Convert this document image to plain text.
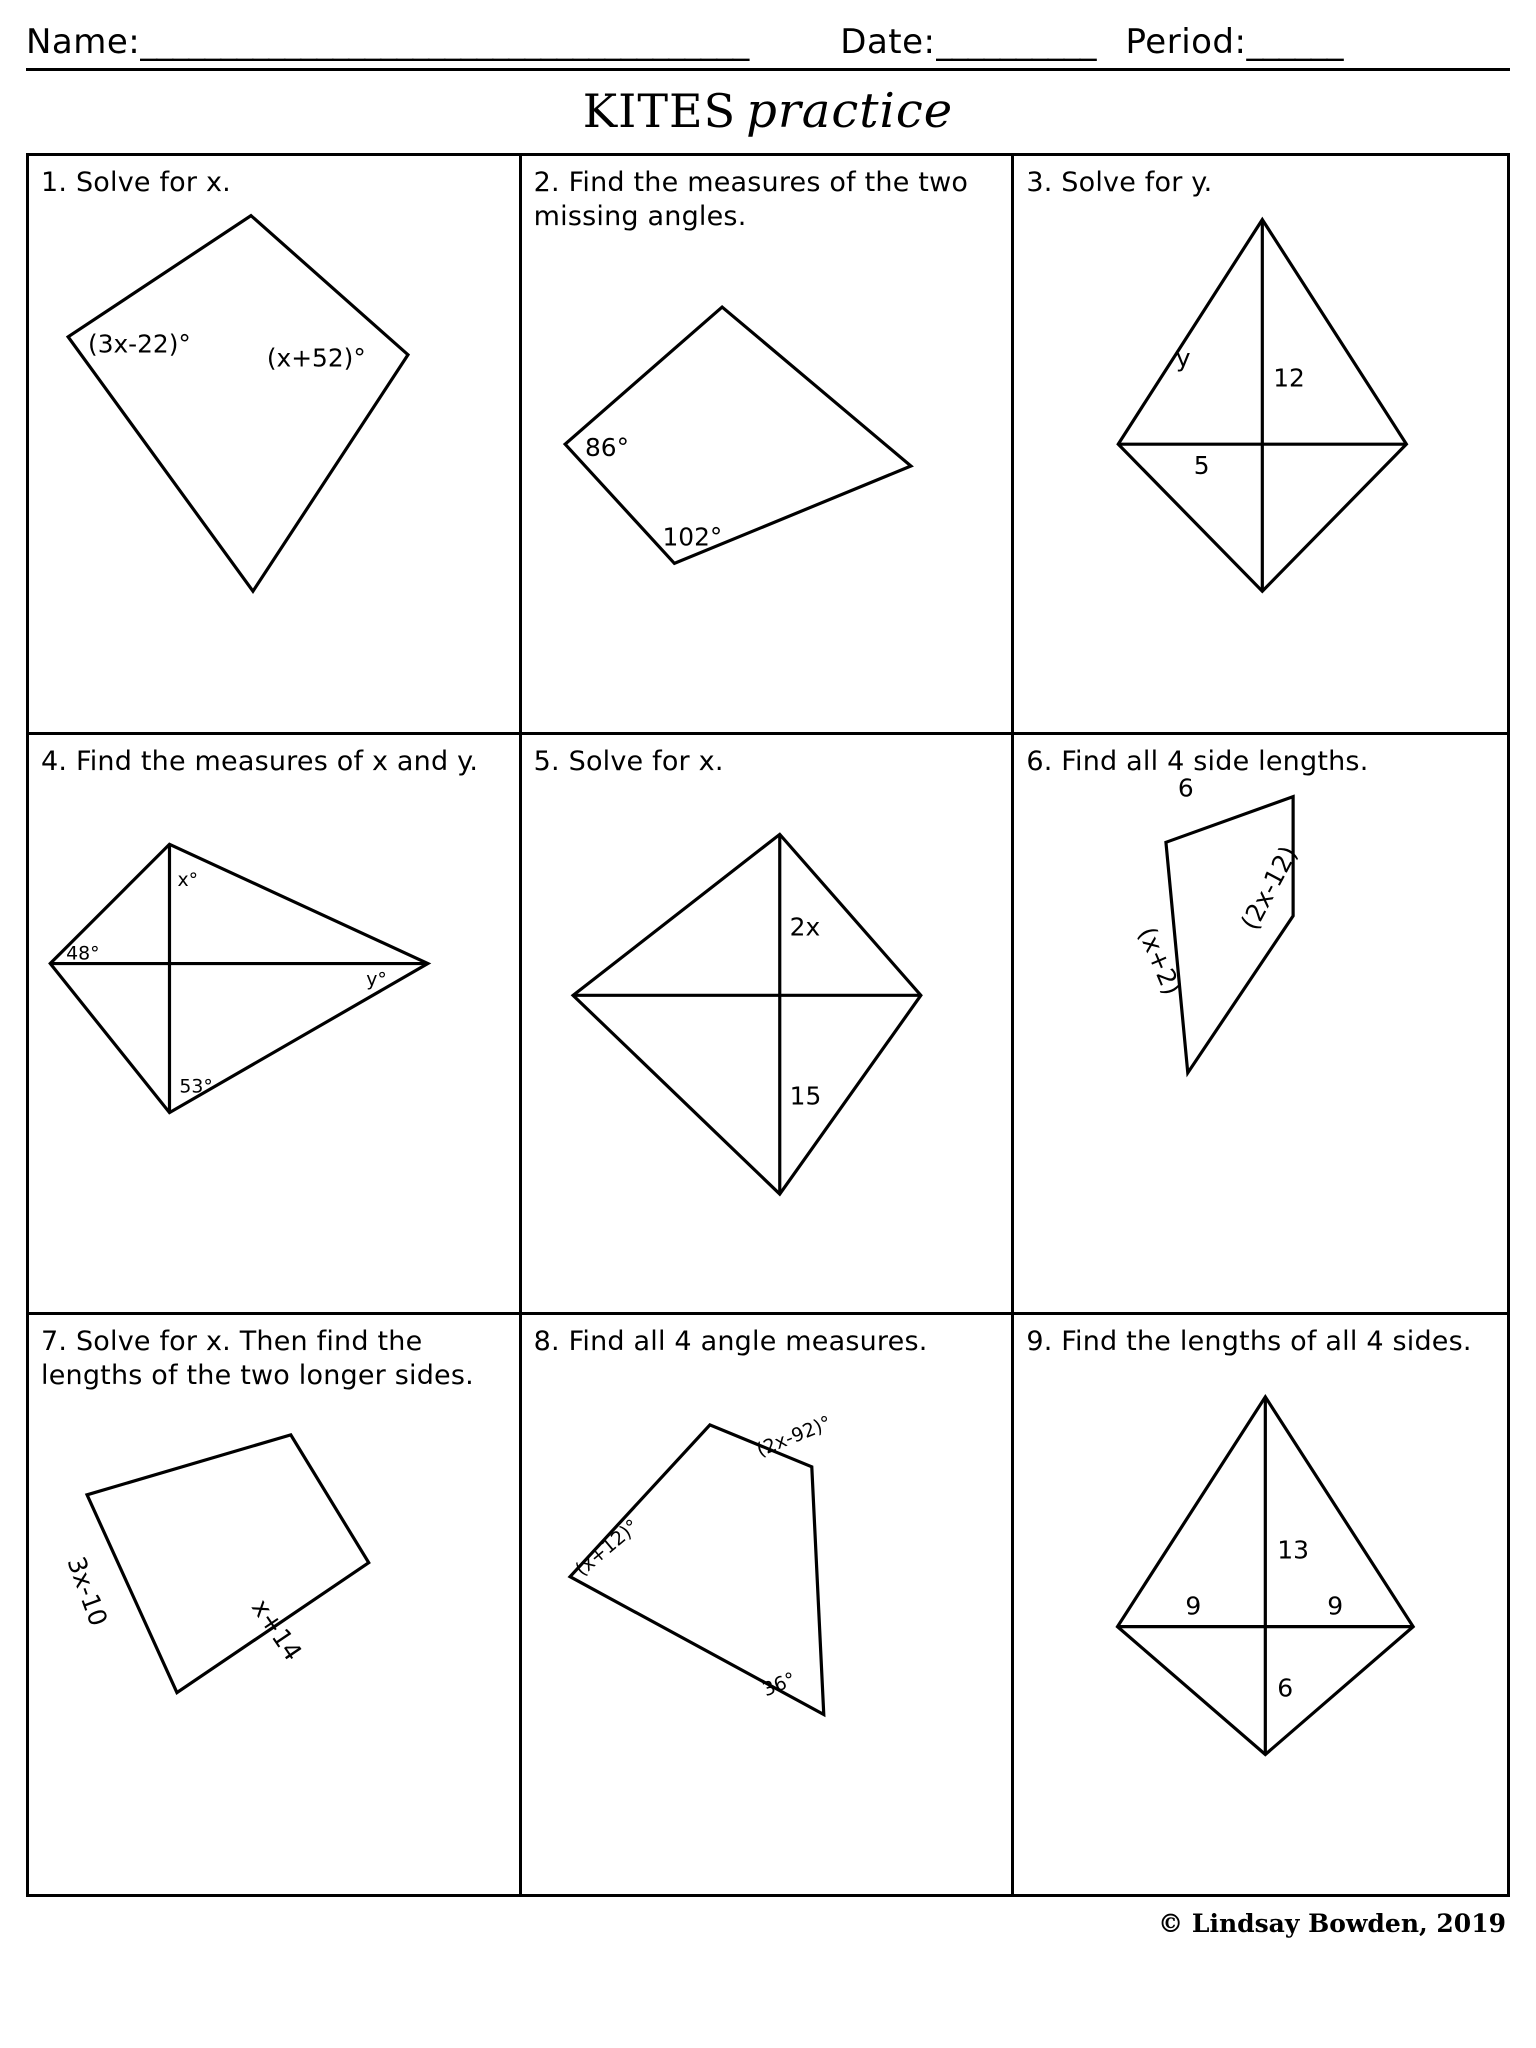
Name: ______________________________________	Date: __________ Period: ______
KITES practice
1. Solve for x.
(3x-22)°	(x+52)°
2. Find the measures of the two missing angles.
86°
102°
3. Solve for y.
y
12
5
4. Find the measures of x and y.
x°
48°
y°
53°
5. Solve for x.
2x
15
6. Find all 4 side lengths.
6
(x+2)
(2x-12)
7. Solve for x. Then find the lengths of the two longer sides.
3x-10	x+14
8. Find all 4 angle measures.
(2x-92)°
(x+12)°
36°
9. Find the lengths of all 4 sides.
13
9	9
6
© Lindsay Bowden, 2019
